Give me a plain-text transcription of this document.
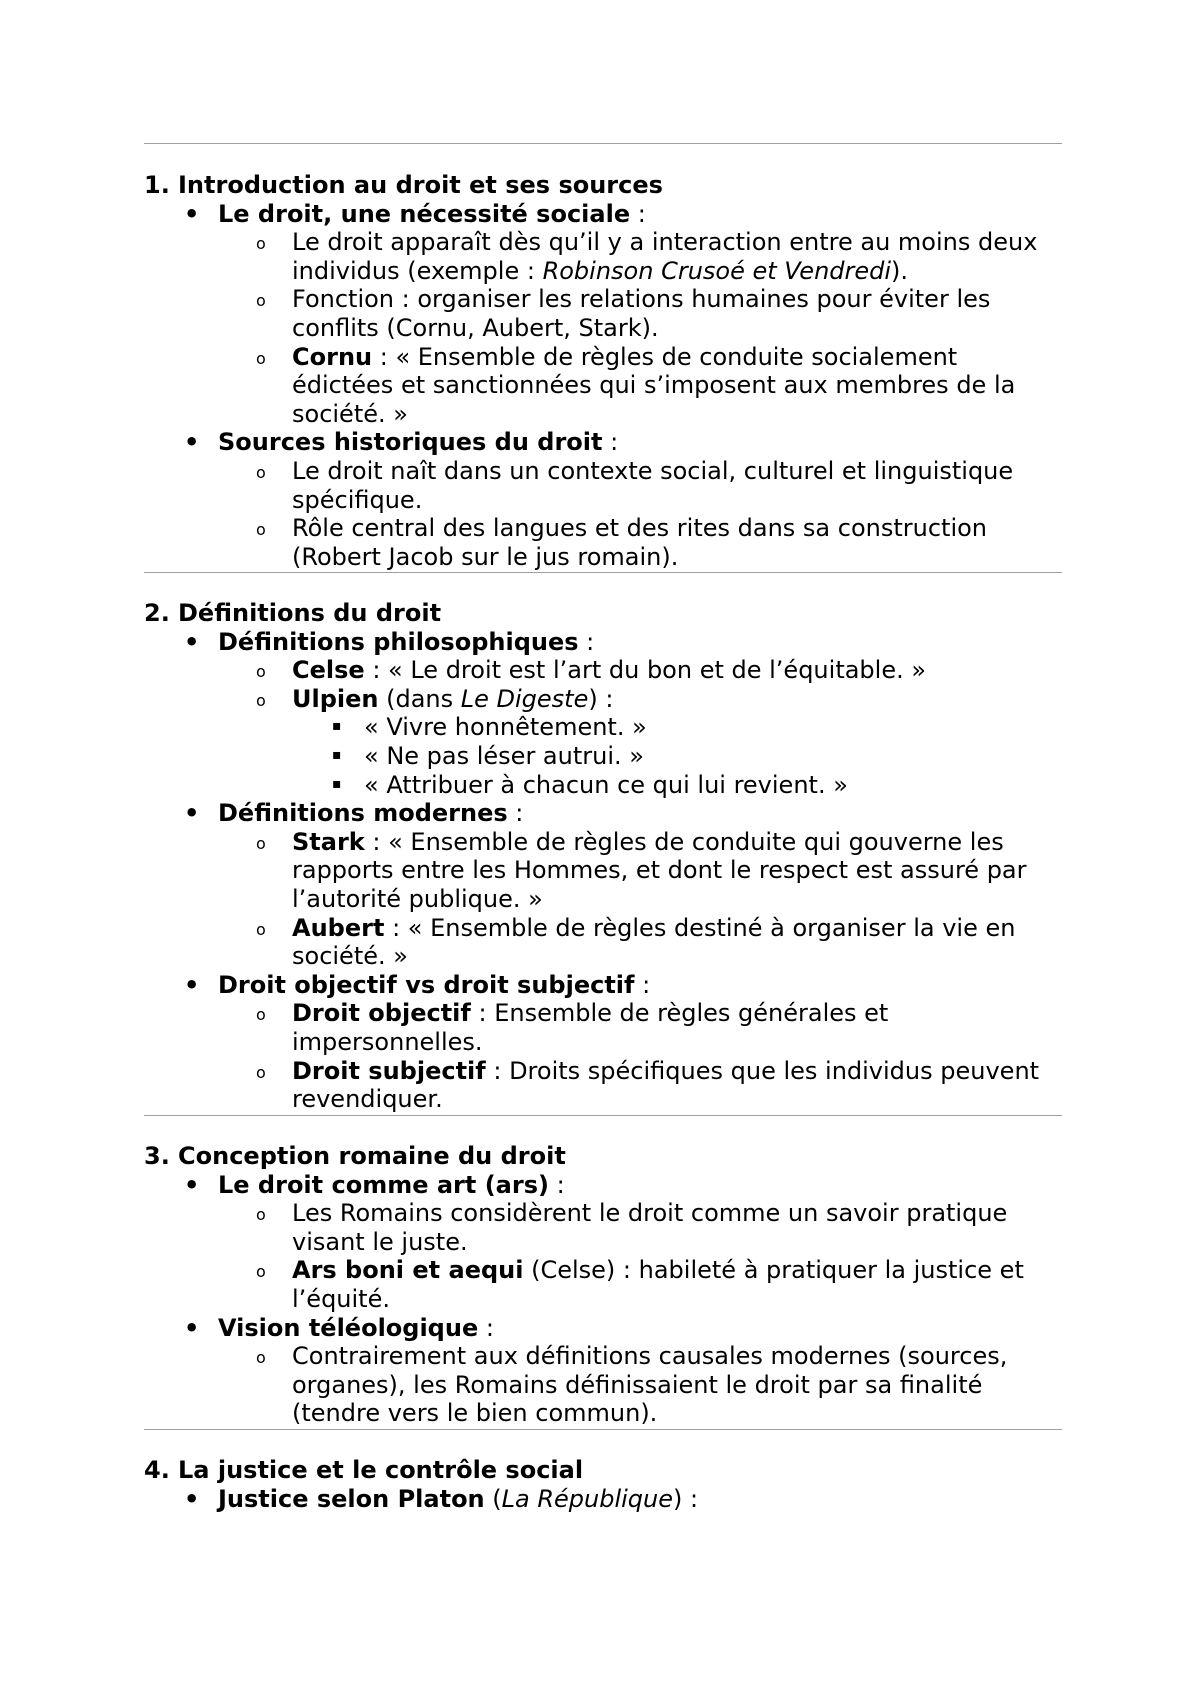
1. Introduction au droit et ses sources

• Le droit, une nécessité sociale :
o Le droit apparaît dès qu’il y a interaction entre au moins deux individus (exemple : Robinson Crusoé et Vendredi).
o Fonction : organiser les relations humaines pour éviter les conflits (Cornu, Aubert, Stark).
o Cornu : « Ensemble de règles de conduite socialement édictées et sanctionnées qui s’imposent aux membres de la société. »
• Sources historiques du droit :
o Le droit naît dans un contexte social, culturel et linguistique spécifique.
o Rôle central des langues et des rites dans sa construction (Robert Jacob sur le jus romain).

2. Définitions du droit

• Définitions philosophiques :
o Celse : « Le droit est l’art du bon et de l’équitable. »
o Ulpien (dans Le Digeste) :
▪ « Vivre honnêtement. »
▪ « Ne pas léser autrui. »
▪ « Attribuer à chacun ce qui lui revient. »
• Définitions modernes :
o Stark : « Ensemble de règles de conduite qui gouverne les rapports entre les Hommes, et dont le respect est assuré par l’autorité publique. »
o Aubert : « Ensemble de règles destiné à organiser la vie en société. »
• Droit objectif vs droit subjectif :
o Droit objectif : Ensemble de règles générales et impersonnelles.
o Droit subjectif : Droits spécifiques que les individus peuvent revendiquer.

3. Conception romaine du droit

• Le droit comme art (ars) :
o Les Romains considèrent le droit comme un savoir pratique visant le juste.
o Ars boni et aequi (Celse) : habileté à pratiquer la justice et l’équité.
• Vision téléologique :
o Contrairement aux définitions causales modernes (sources, organes), les Romains définissaient le droit par sa finalité (tendre vers le bien commun).

4. La justice et le contrôle social

• Justice selon Platon (La République) :
